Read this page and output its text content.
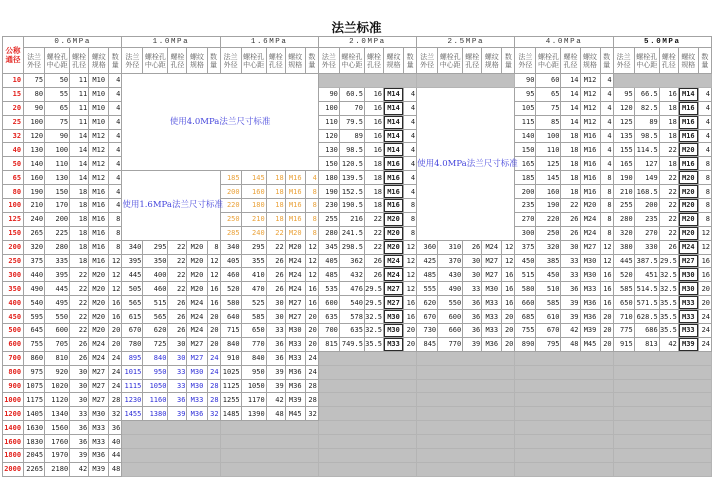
法兰标准
公称通径	0.6MPa					1.0MPa					1.6MPa					2.0MPa					2.5MPa					4.0MPa					5.0MPa				
	法兰外径	螺栓孔中心距	螺栓孔径	螺纹规格	数量	法兰外径	螺栓孔中心距	螺栓孔径	螺纹规格	数量	法兰外径	螺栓孔中心距	螺栓孔径	螺纹规格	数量	法兰外径	螺栓孔中心距	螺栓孔径	螺纹规格	数量	法兰外径	螺栓孔中心距	螺栓孔径	螺纹规格	数量	法兰外径	螺栓孔中心距	螺栓孔径	螺纹规格	数量	法兰外径	螺栓孔中心距	螺栓孔径	螺纹规格	数量
10	75	50	11	M10	4	使用4.0MPa法兰尺寸标准																				90	60	14	M12	4					
15	80	55	11	M10	4											90	60.5	16	M14	4	使用4.0MPa法兰尺寸标准					95	65	14	M12	4	95	66.5	16	M14	4
20	90	65	11	M10	4											100	70	16	M14	4						105	75	14	M12	4	120	82.5	18	M16	4
25	100	75	11	M10	4											110	79.5	16	M14	4						115	85	14	M12	4	125	89	18	M16	4
32	120	90	14	M12	4											120	89	16	M14	4						140	100	18	M16	4	135	98.5	18	M16	4
40	130	100	14	M12	4											130	98.5	16	M14	4						150	110	18	M16	4	155	114.5	22	M20	4
50	140	110	14	M12	4											150	120.5	18	M16	4						165	125	18	M16	4	165	127	18	M16	8
65	160	130	14	M12	4	使用1.6MPa法兰尺寸标准					185	145	18	M16	4	180	139.5	18	M16	4						185	145	18	M16	8	190	149	22	M20	8
80	190	150	18	M16	4						200	160	18	M16	8	190	152.5	18	M16	4						200	160	18	M16	8	210	168.5	22	M20	8
100	210	170	18	M16	4						220	180	18	M16	8	230	190.5	18	M16	8						235	190	22	M20	8	255	200	22	M20	8
125	240	200	18	M16	8						250	210	18	M16	8	255	216	22	M20	8						270	220	26	M24	8	280	235	22	M20	8
150	265	225	18	M16	8						285	240	22	M20	8	280	241.5	22	M20	8						300	250	26	M24	8	320	270	22	M20	12
200	320	280	18	M16	8	340	295	22	M20	8	340	295	22	M20	12	345	298.5	22	M20	12	360	310	26	M24	12	375	320	30	M27	12	380	330	26	M24	12
250	375	335	18	M16	12	395	350	22	M20	12	405	355	26	M24	12	405	362	26	M24	12	425	370	30	M27	12	450	385	33	M30	12	445	387.5	29.5	M27	16
300	440	395	22	M20	12	445	400	22	M20	12	460	410	26	M24	12	485	432	26	M24	12	485	430	30	M27	16	515	450	33	M30	16	520	451	32.5	M30	16
350	490	445	22	M20	12	505	460	22	M20	16	520	470	26	M24	16	535	476	29.5	M27	12	555	490	33	M30	16	580	510	36	M33	16	585	514.5	32.5	M30	20
400	540	495	22	M20	16	565	515	26	M24	16	580	525	30	M27	16	600	540	29.5	M27	16	620	550	36	M33	16	660	585	39	M36	16	650	571.5	35.5	M33	20
450	595	550	22	M20	16	615	565	26	M24	20	640	585	30	M27	20	635	578	32.5	M30	16	670	600	36	M33	20	685	610	39	M36	20	710	628.5	35.5	M33	24
500	645	600	22	M20	20	670	620	26	M24	20	715	650	33	M30	20	700	635	32.5	M30	20	730	660	36	M33	20	755	670	42	M39	20	775	686	35.5	M33	24
600	755	705	26	M24	20	780	725	30	M27	20	840	770	36	M33	20	815	749.5	35.5	M33	20	845	770	39	M36	20	890	795	48	M45	20	915	813	42	M39	24
700	860	810	26	M24	24	895	840	30	M27	24	910	840	36	M33	24																				
800	975	920	30	M27	24	1015	950	33	M30	24	1025	950	39	M36	24																				
900	1075	1020	30	M27	24	1115	1050	33	M30	28	1125	1050	39	M36	28																				
1000	1175	1120	30	M27	28	1230	1160	36	M33	28	1255	1170	42	M39	28																				
1200	1405	1340	33	M30	32	1455	1380	39	M36	32	1485	1390	48	M45	32																				
1400	1630	1560	36	M33	36																														
1600	1830	1760	36	M33	40																														
1800	2045	1970	39	M36	44																														
2000	2265	2180	42	M39	48																														
